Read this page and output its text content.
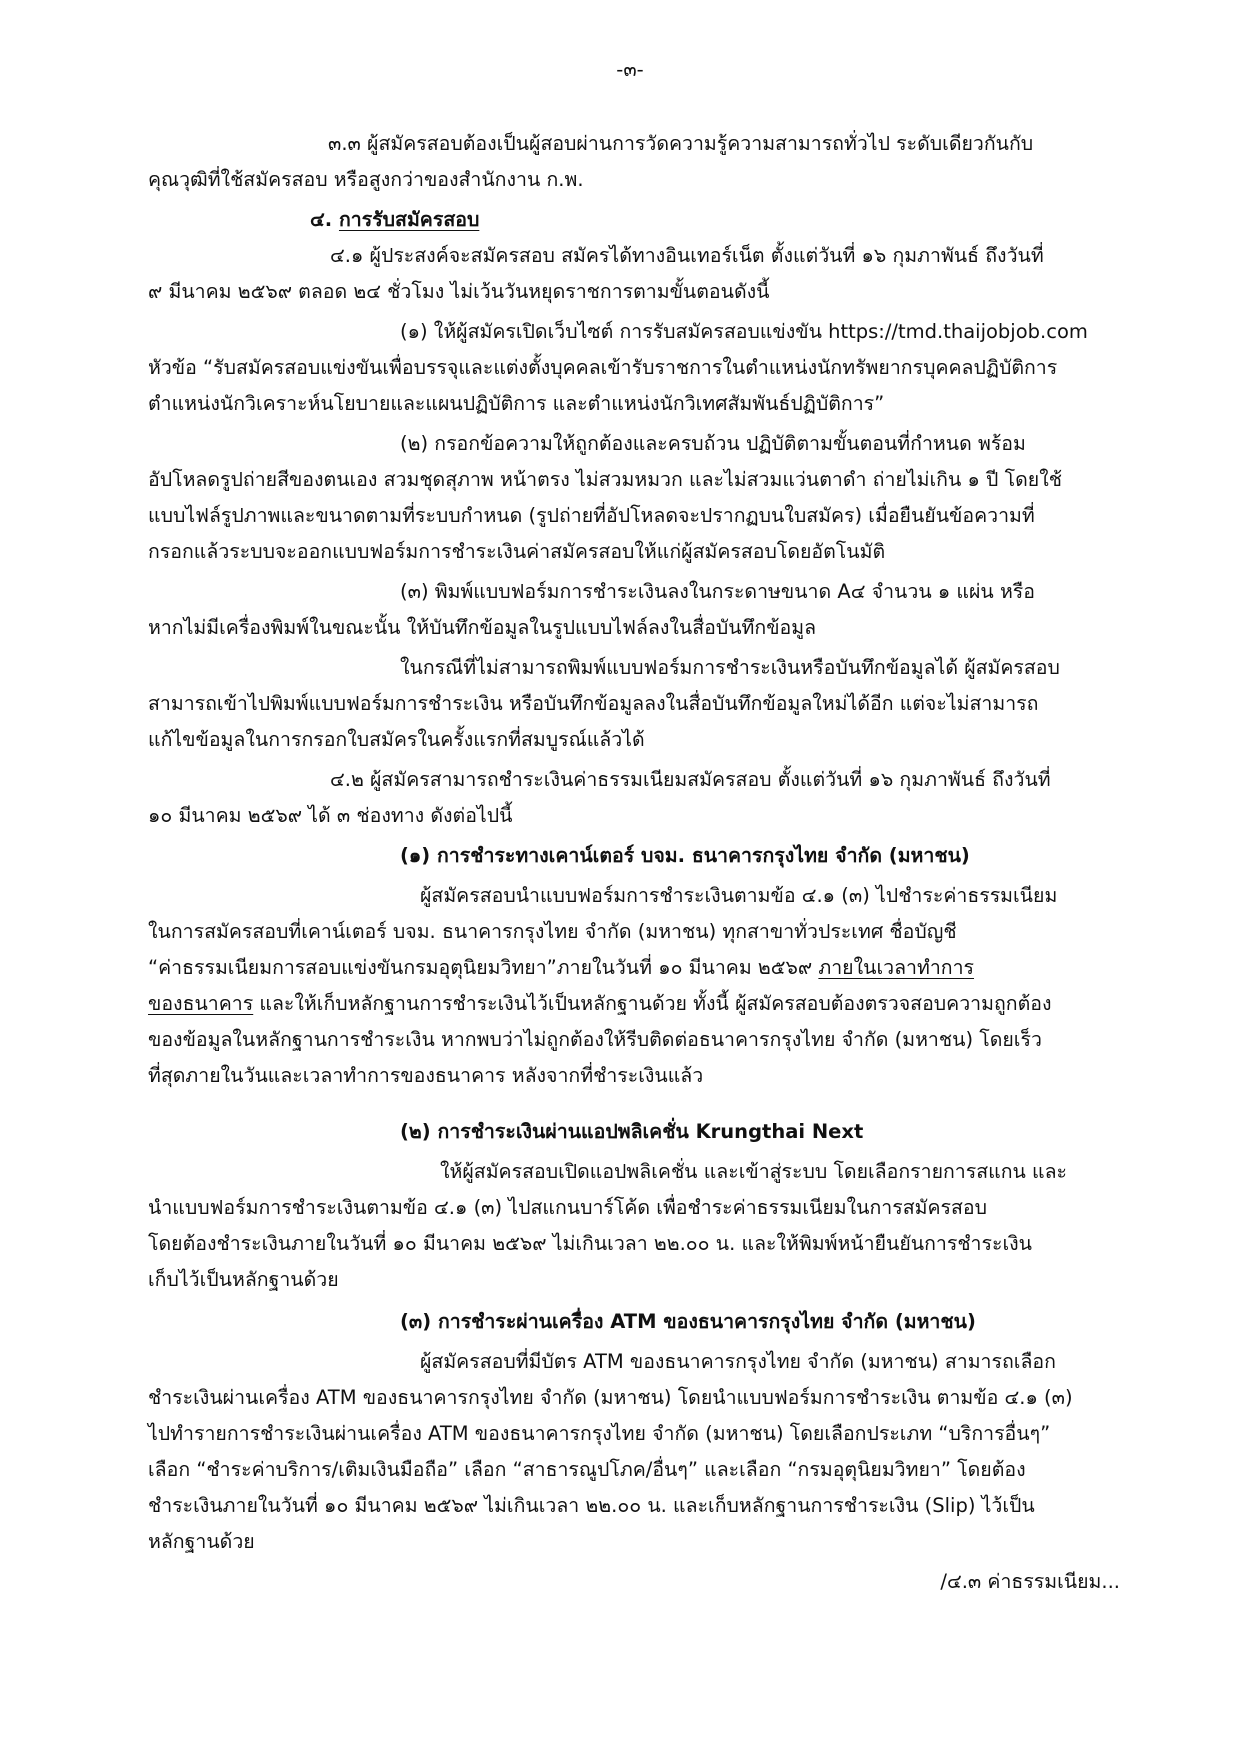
-๓-
๓.๓ ผู้สมัครสอบต้องเป็นผู้สอบผ่านการวัดความรู้ความสามารถทั่วไป ระดับเดียวกันกับ
คุณวุฒิที่ใช้สมัครสอบ หรือสูงกว่าของสำนักงาน ก.พ.
๔. การรับสมัครสอบ
๔.๑ ผู้ประสงค์จะสมัครสอบ สมัครได้ทางอินเทอร์เน็ต ตั้งแต่วันที่ ๑๖ กุมภาพันธ์ ถึงวันที่
๙ มีนาคม ๒๕๖๙ ตลอด ๒๔ ชั่วโมง ไม่เว้นวันหยุดราชการตามขั้นตอนดังนี้
(๑) ให้ผู้สมัครเปิดเว็บไซต์ การรับสมัครสอบแข่งขัน https://tmd.thaijobjob.com
หัวข้อ “รับสมัครสอบแข่งขันเพื่อบรรจุและแต่งตั้งบุคคลเข้ารับราชการในตำแหน่งนักทรัพยากรบุคคลปฏิบัติการ
ตำแหน่งนักวิเคราะห์นโยบายและแผนปฏิบัติการ และตำแหน่งนักวิเทศสัมพันธ์ปฏิบัติการ”
(๒) กรอกข้อความให้ถูกต้องและครบถ้วน ปฏิบัติตามขั้นตอนที่กำหนด พร้อม
อัปโหลดรูปถ่ายสีของตนเอง สวมชุดสุภาพ หน้าตรง ไม่สวมหมวก และไม่สวมแว่นตาดำ ถ่ายไม่เกิน ๑ ปี โดยใช้
แบบไฟล์รูปภาพและขนาดตามที่ระบบกำหนด (รูปถ่ายที่อัปโหลดจะปรากฏบนใบสมัคร) เมื่อยืนยันข้อความที่
กรอกแล้วระบบจะออกแบบฟอร์มการชำระเงินค่าสมัครสอบให้แก่ผู้สมัครสอบโดยอัตโนมัติ
(๓) พิมพ์แบบฟอร์มการชำระเงินลงในกระดาษขนาด A๔ จำนวน ๑ แผ่น หรือ
หากไม่มีเครื่องพิมพ์ในขณะนั้น ให้บันทึกข้อมูลในรูปแบบไฟล์ลงในสื่อบันทึกข้อมูล
ในกรณีที่ไม่สามารถพิมพ์แบบฟอร์มการชำระเงินหรือบันทึกข้อมูลได้ ผู้สมัครสอบ
สามารถเข้าไปพิมพ์แบบฟอร์มการชำระเงิน หรือบันทึกข้อมูลลงในสื่อบันทึกข้อมูลใหม่ได้อีก แต่จะไม่สามารถ
แก้ไขข้อมูลในการกรอกใบสมัครในครั้งแรกที่สมบูรณ์แล้วได้
๔.๒ ผู้สมัครสามารถชำระเงินค่าธรรมเนียมสมัครสอบ ตั้งแต่วันที่ ๑๖ กุมภาพันธ์ ถึงวันที่
๑๐ มีนาคม ๒๕๖๙ ได้ ๓ ช่องทาง ดังต่อไปนี้
(๑) การชำระทางเคาน์เตอร์ บจม. ธนาคารกรุงไทย จำกัด (มหาชน)
ผู้สมัครสอบนำแบบฟอร์มการชำระเงินตามข้อ ๔.๑ (๓) ไปชำระค่าธรรมเนียม
ในการสมัครสอบที่เคาน์เตอร์ บจม. ธนาคารกรุงไทย จำกัด (มหาชน) ทุกสาขาทั่วประเทศ ชื่อบัญชี
“ค่าธรรมเนียมการสอบแข่งขันกรมอุตุนิยมวิทยา”ภายในวันที่ ๑๐ มีนาคม ๒๕๖๙ ภายในเวลาทำการ
ของธนาคาร และให้เก็บหลักฐานการชำระเงินไว้เป็นหลักฐานด้วย ทั้งนี้ ผู้สมัครสอบต้องตรวจสอบความถูกต้อง
ของข้อมูลในหลักฐานการชำระเงิน หากพบว่าไม่ถูกต้องให้รีบติดต่อธนาคารกรุงไทย จำกัด (มหาชน) โดยเร็ว
ที่สุดภายในวันและเวลาทำการของธนาคาร หลังจากที่ชำระเงินแล้ว
(๒) การชำระเงินผ่านแอปพลิเคชั่น Krungthai Next
ให้ผู้สมัครสอบเปิดแอปพลิเคชั่น และเข้าสู่ระบบ โดยเลือกรายการสแกน และ
นำแบบฟอร์มการชำระเงินตามข้อ ๔.๑ (๓) ไปสแกนบาร์โค้ด เพื่อชำระค่าธรรมเนียมในการสมัครสอบ
โดยต้องชำระเงินภายในวันที่ ๑๐ มีนาคม ๒๕๖๙ ไม่เกินเวลา ๒๒.๐๐ น. และให้พิมพ์หน้ายืนยันการชำระเงิน
เก็บไว้เป็นหลักฐานด้วย
(๓) การชำระผ่านเครื่อง ATM ของธนาคารกรุงไทย จำกัด (มหาชน)
ผู้สมัครสอบที่มีบัตร ATM ของธนาคารกรุงไทย จำกัด (มหาชน) สามารถเลือก
ชำระเงินผ่านเครื่อง ATM ของธนาคารกรุงไทย จำกัด (มหาชน) โดยนำแบบฟอร์มการชำระเงิน ตามข้อ ๔.๑ (๓)
ไปทำรายการชำระเงินผ่านเครื่อง ATM ของธนาคารกรุงไทย จำกัด (มหาชน) โดยเลือกประเภท “บริการอื่นๆ”
เลือก “ชำระค่าบริการ/เติมเงินมือถือ” เลือก “สาธารณูปโภค/อื่นๆ” และเลือก “กรมอุตุนิยมวิทยา” โดยต้อง
ชำระเงินภายในวันที่ ๑๐ มีนาคม ๒๕๖๙ ไม่เกินเวลา ๒๒.๐๐ น. และเก็บหลักฐานการชำระเงิน (Slip) ไว้เป็น
หลักฐานด้วย
/๔.๓ ค่าธรรมเนียม...
